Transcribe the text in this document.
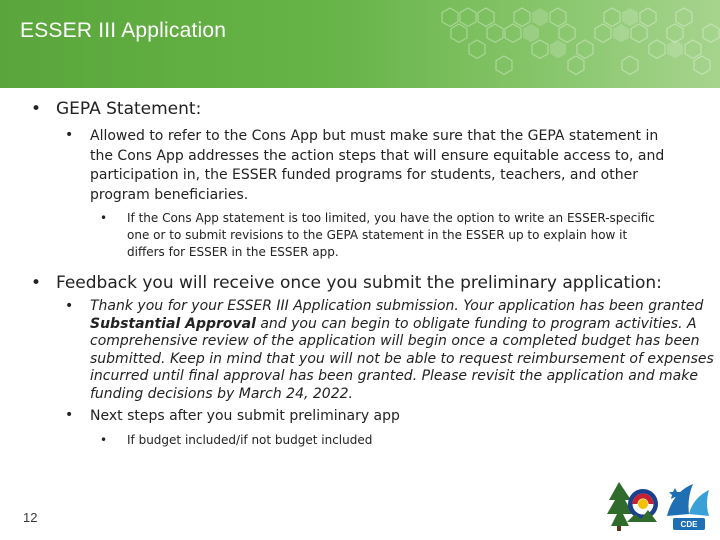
ESSER III Application
• GEPA Statement:
• Allowed to refer to the Cons App but must make sure that the GEPA statement in
the Cons App addresses the action steps that will ensure equitable access to, and
participation in, the ESSER funded programs for students, teachers, and other
program beneficiaries.
• If the Cons App statement is too limited, you have the option to write an ESSER-specific
one or to submit revisions to the GEPA statement in the ESSER up to explain how it
differs for ESSER in the ESSER app.
• Feedback you will receive once you submit the preliminary application:
• Thank you for your ESSER III Application submission. Your application has been granted
Substantial Approval and you can begin to obligate funding to program activities. A
comprehensive review of the application will begin once a completed budget has been
submitted. Keep in mind that you will not be able to request reimbursement of expenses
incurred until final approval has been granted. Please revisit the application and make
funding decisions by March 24, 2022.
• Next steps after you submit preliminary app
• If budget included/if not budget included
12	CDE
